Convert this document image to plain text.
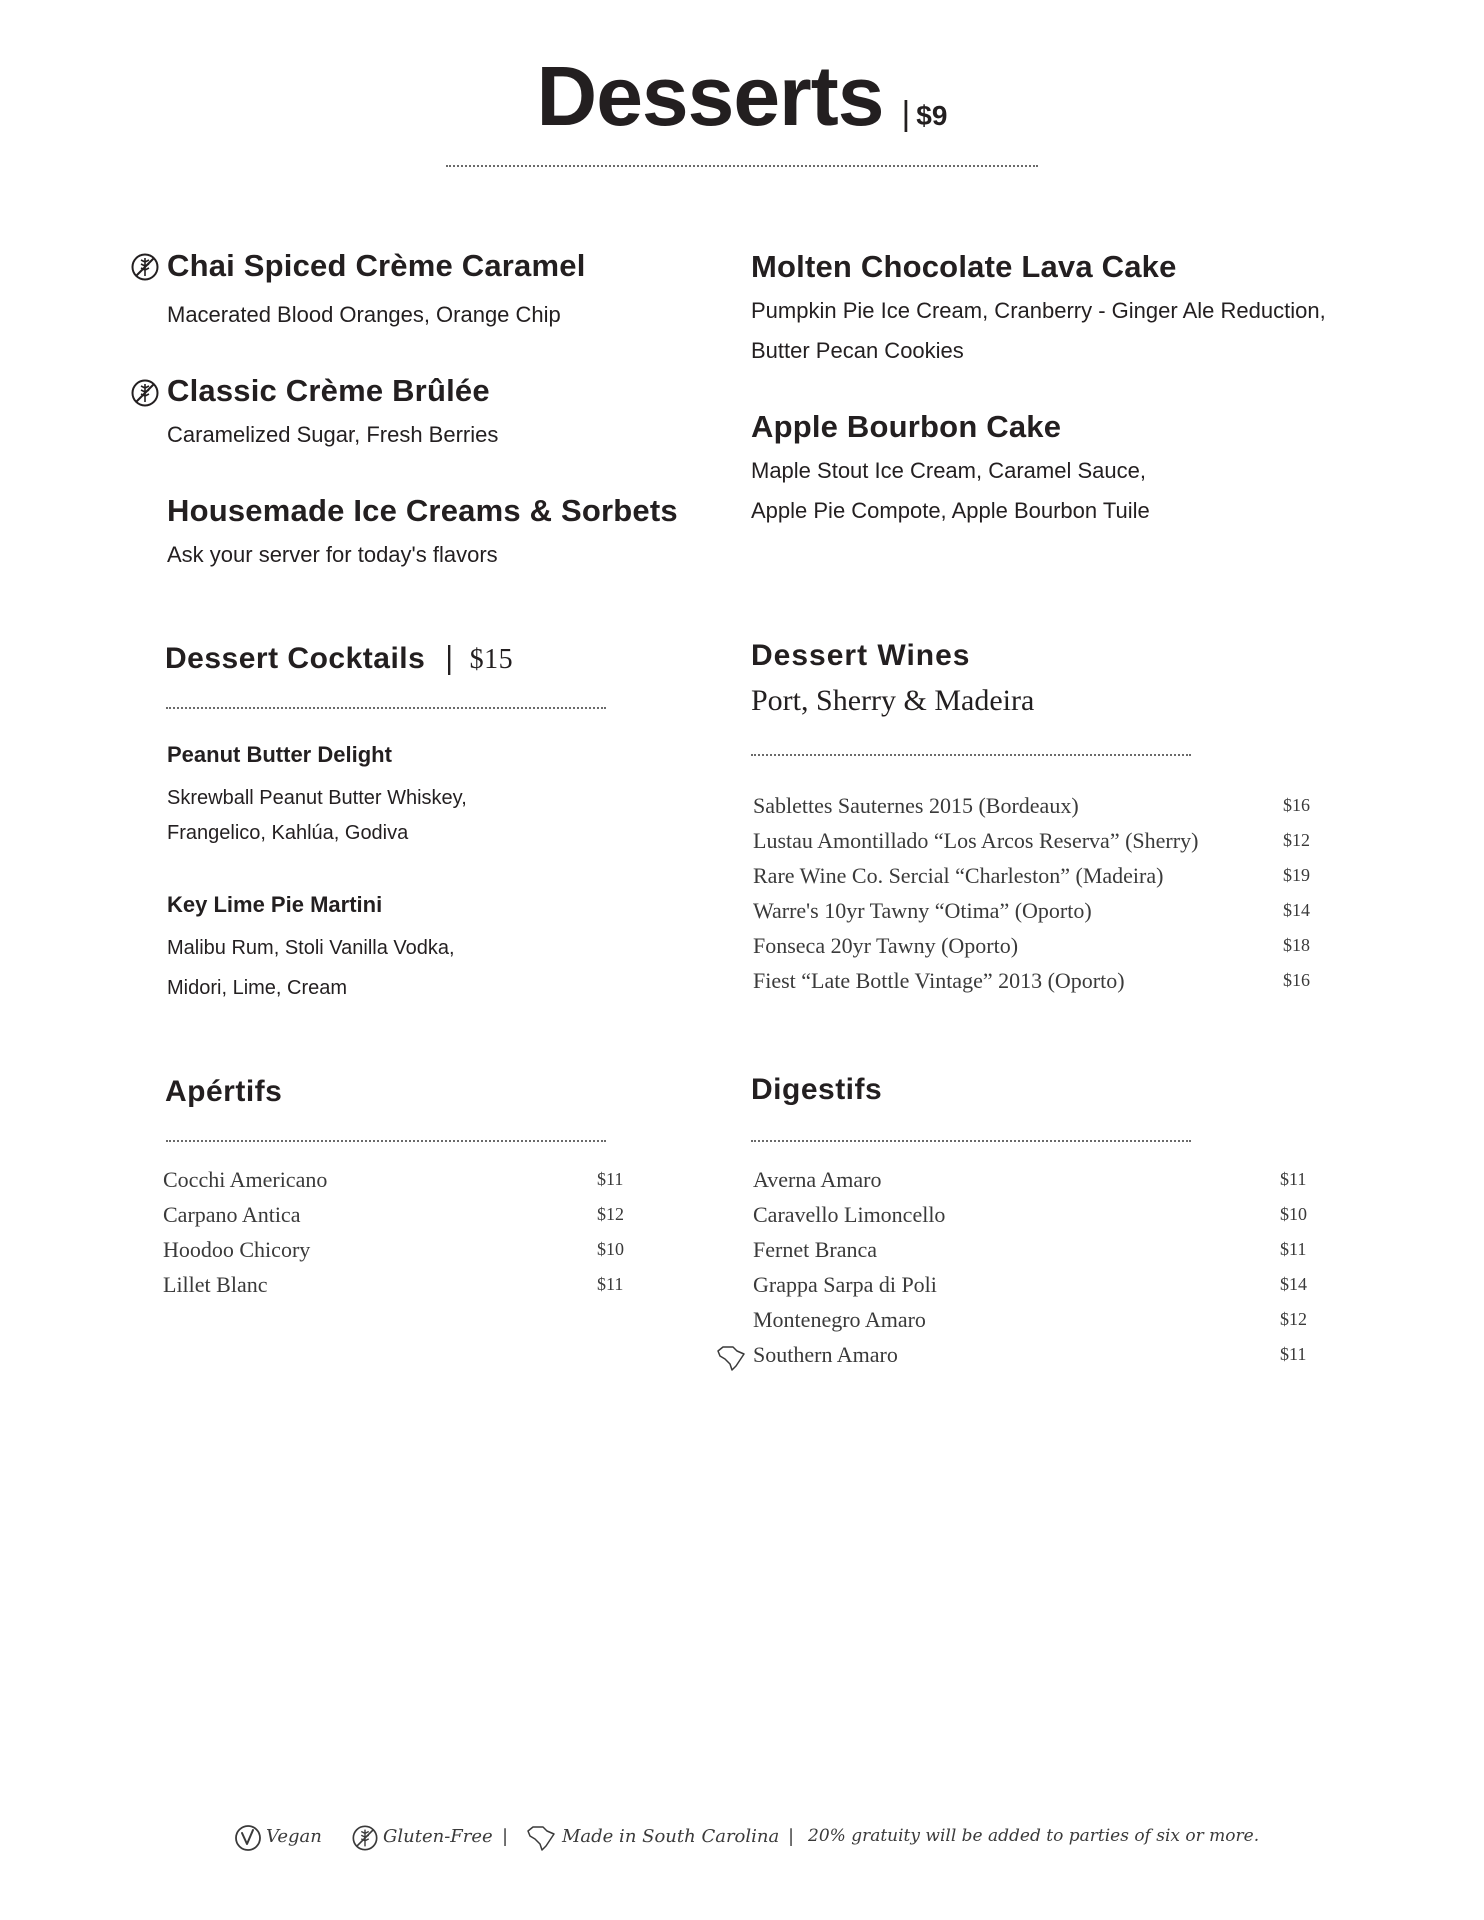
Desserts | $9
Chai Spiced Crème Caramel
Macerated Blood Oranges, Orange Chip
Classic Crème Brûlée
Caramelized Sugar, Fresh Berries
Housemade Ice Creams & Sorbets
Ask your server for today's flavors
Molten Chocolate Lava Cake
Pumpkin Pie Ice Cream, Cranberry - Ginger Ale Reduction,
Butter Pecan Cookies
Apple Bourbon Cake
Maple Stout Ice Cream, Caramel Sauce,
Apple Pie Compote, Apple Bourbon Tuile
Dessert Cocktails | $15
Peanut Butter Delight
Skrewball Peanut Butter Whiskey,
Frangelico, Kahlúa, Godiva
Key Lime Pie Martini
Malibu Rum, Stoli Vanilla Vodka,
Midori, Lime, Cream
Dessert Wines
Port, Sherry & Madeira
Sablettes Sauternes 2015 (Bordeaux)	$16
Lustau Amontillado “Los Arcos Reserva” (Sherry)	$12
Rare Wine Co. Sercial “Charleston” (Madeira)	$19
Warre's 10yr Tawny “Otima” (Oporto)	$14
Fonseca 20yr Tawny (Oporto)	$18
Fiest “Late Bottle Vintage” 2013 (Oporto)	$16
Apértifs
Cocchi Americano	$11
Carpano Antica	$12
Hoodoo Chicory	$10
Lillet Blanc	$11
Digestifs
Averna Amaro	$11
Caravello Limoncello	$10
Fernet Branca	$11
Grappa Sarpa di Poli	$14
Montenegro Amaro	$12
Southern Amaro	$11
Vegan	Gluten-Free |	Made in South Carolina | 20% gratuity will be added to parties of six or more.
